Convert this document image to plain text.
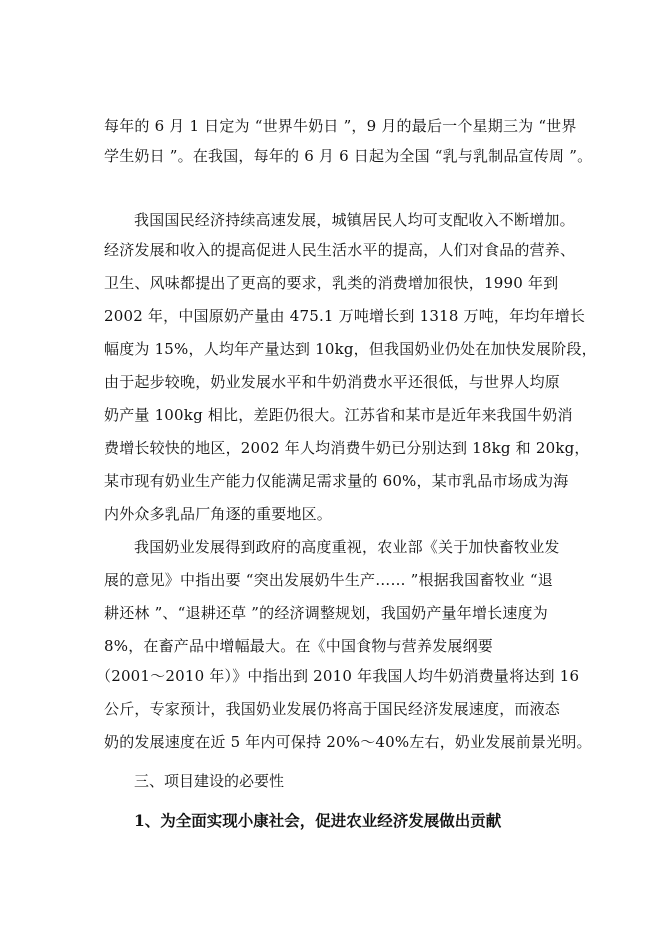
每年的 6 月 1 日定为 “世界牛奶日 ”，9 月的最后一个星期三为 “世界
学生奶日 ”。在我国，每年的 6 月 6 日起为全国 “乳与乳制品宣传周 ”。
我国国民经济持续高速发展，城镇居民人均可支配收入不断增加。
经济发展和收入的提高促进人民生活水平的提高，人们对食品的营养、
卫生、风味都提出了更高的要求，乳类的消费增加很快，1990 年到
2002 年，中国原奶产量由 475.1 万吨增长到 1318 万吨，年均年增长
幅度为 15%，人均年产量达到 10kg，但我国奶业仍处在加快发展阶段，
由于起步较晚，奶业发展水平和牛奶消费水平还很低，与世界人均原
奶产量 100kg 相比，差距仍很大。江苏省和某市是近年来我国牛奶消
费增长较快的地区，2002 年人均消费牛奶已分别达到 18kg 和 20kg，
某市现有奶业生产能力仅能满足需求量的 60%，某市乳品市场成为海
内外众多乳品厂角逐的重要地区。
我国奶业发展得到政府的高度重视，农业部《关于加快畜牧业发
展的意见》中指出要 “突出发展奶牛生产…… ”根据我国畜牧业 “退
耕还林 ”、“退耕还草 ”的经济调整规划，我国奶产量年增长速度为
8%，在畜产品中增幅最大。在《中国食物与营养发展纲要
（2001～2010 年）》中指出到 2010 年我国人均牛奶消费量将达到 16
公斤，专家预计，我国奶业发展仍将高于国民经济发展速度，而液态
奶的发展速度在近 5 年内可保持 20%～40%左右，奶业发展前景光明。
三、项目建设的必要性
1、为全面实现小康社会，促进农业经济发展做出贡献
